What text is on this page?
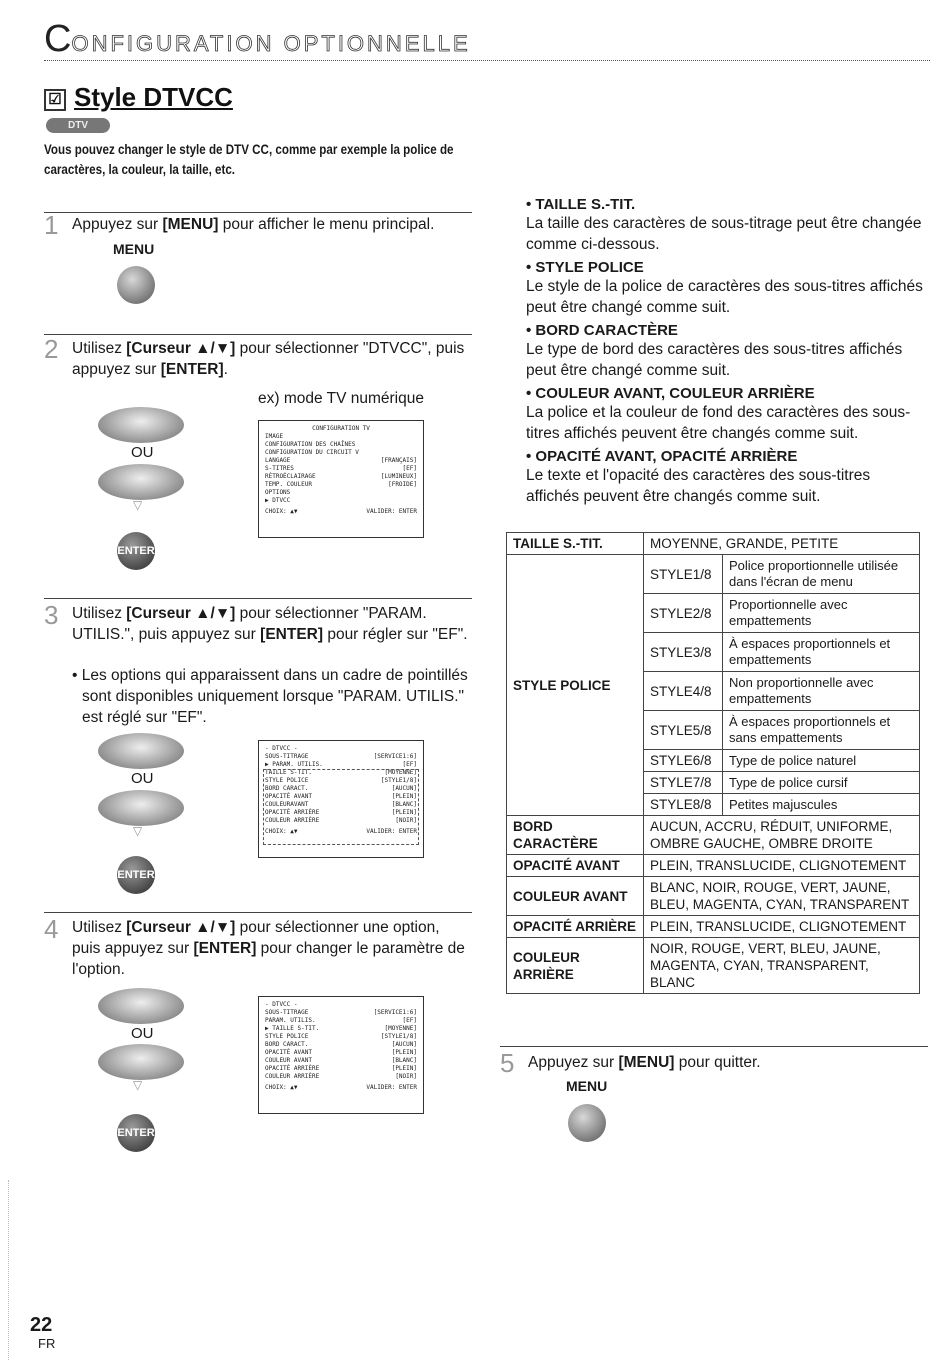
CONFIGURATION OPTIONNELLE
☑ Style DTVCC
DTV
Vous pouvez changer le style de DTV CC, comme par exemple la police de caractères, la couleur, la taille, etc.
1 Appuyez sur [MENU] pour afficher le menu principal.
MENU
2 Utilisez [Curseur ▲/▼] pour sélectionner "DTVCC", puis appuyez sur [ENTER].
ex) mode TV numérique
OU
▽
ENTER
CONFIGURATION TV
IMAGE
CONFIGURATION DES CHAÎNES
CONFIGURATION DU CIRCUIT V
LANGAGE	[FRANÇAIS]
S-TITRES	[EF]
RÉTROÉCLAIRAGE	[LUMINEUX]
TEMP. COULEUR	[FROIDE]
OPTIONS
▶ DTVCC
CHOIX: ▲▼	VALIDER: ENTER
3 Utilisez [Curseur ▲/▼] pour sélectionner "PARAM. UTILIS.", puis appuyez sur [ENTER] pour régler sur "EF".
• Les options qui apparaissent dans un cadre de pointillés sont disponibles uniquement lorsque "PARAM. UTILIS." est réglé sur "EF".
OU
▽
ENTER
- DTVCC -
SOUS-TITRAGE	[SERVICE1:6]
▶ PARAM. UTILIS.	[EF]
TAILLE S-TIT.	[MOYENNE]
STYLE POLICE	[STYLE1/8]
BORD CARACT.	[AUCUN]
OPACITÉ AVANT	[PLEIN]
COULEURAVANT	[BLANC]
OPACITÉ ARRIÈRE	[PLEIN]
COULEUR ARRIÈRE	[NOIR]
CHOIX: ▲▼	VALIDER: ENTER
4 Utilisez [Curseur ▲/▼] pour sélectionner une option, puis appuyez sur [ENTER] pour changer le paramètre de l'option.
OU
▽
ENTER
- DTVCC -
SOUS-TITRAGE	[SERVICE1:6]
PARAM. UTILIS.	[EF]
▶ TAILLE S-TIT.	[MOYENNE]
STYLE POLICE	[STYLE1/8]
BORD CARACT.	[AUCUN]
OPACITÉ AVANT	[PLEIN]
COULEUR AVANT	[BLANC]
OPACITÉ ARRIÈRE	[PLEIN]
COULEUR ARRIÈRE	[NOIR]
CHOIX: ▲▼	VALIDER: ENTER

• TAILLE S.-TIT.

La taille des caractères de sous-titrage peut être changée comme ci-dessous.

• STYLE POLICE

Le style de la police de caractères des sous-titres affichés peut être changé comme suit.

• BORD CARACTÈRE

Le type de bord des caractères des sous-titres affichés peut être changé comme suit.

• COULEUR AVANT, COULEUR ARRIÈRE

La police et la couleur de fond des caractères des sous-titres affichés peuvent être changés comme suit.

• OPACITÉ AVANT, OPACITÉ ARRIÈRE

Le texte et l'opacité des caractères des sous-titres affichés peuvent être changés comme suit.

TAILLE S.-TIT.	MOYENNE, GRANDE, PETITE	
STYLE POLICE	STYLE1/8	Police proportionnelle utilisée dans l'écran de menu
	STYLE2/8	Proportionnelle avec empattements
	STYLE3/8	À espaces proportionnels et empattements
	STYLE4/8	Non proportionnelle avec empattements
	STYLE5/8	À espaces proportionnels et sans empattements
	STYLE6/8	Type de police naturel
	STYLE7/8	Type de police cursif
	STYLE8/8	Petites majuscules
BORD CARACTÈRE	AUCUN, ACCRU, RÉDUIT, UNIFORME, OMBRE GAUCHE, OMBRE DROITE	
OPACITÉ AVANT	PLEIN, TRANSLUCIDE, CLIGNOTEMENT	
COULEUR AVANT	BLANC, NOIR, ROUGE, VERT, JAUNE, BLEU, MAGENTA, CYAN, TRANSPARENT	
OPACITÉ ARRIÈRE	PLEIN, TRANSLUCIDE, CLIGNOTEMENT	
COULEUR ARRIÈRE	NOIR, ROUGE, VERT, BLEU, JAUNE, MAGENTA, CYAN, TRANSPARENT, BLANC	
5 Appuyez sur [MENU] pour quitter.
MENU
22
FR
